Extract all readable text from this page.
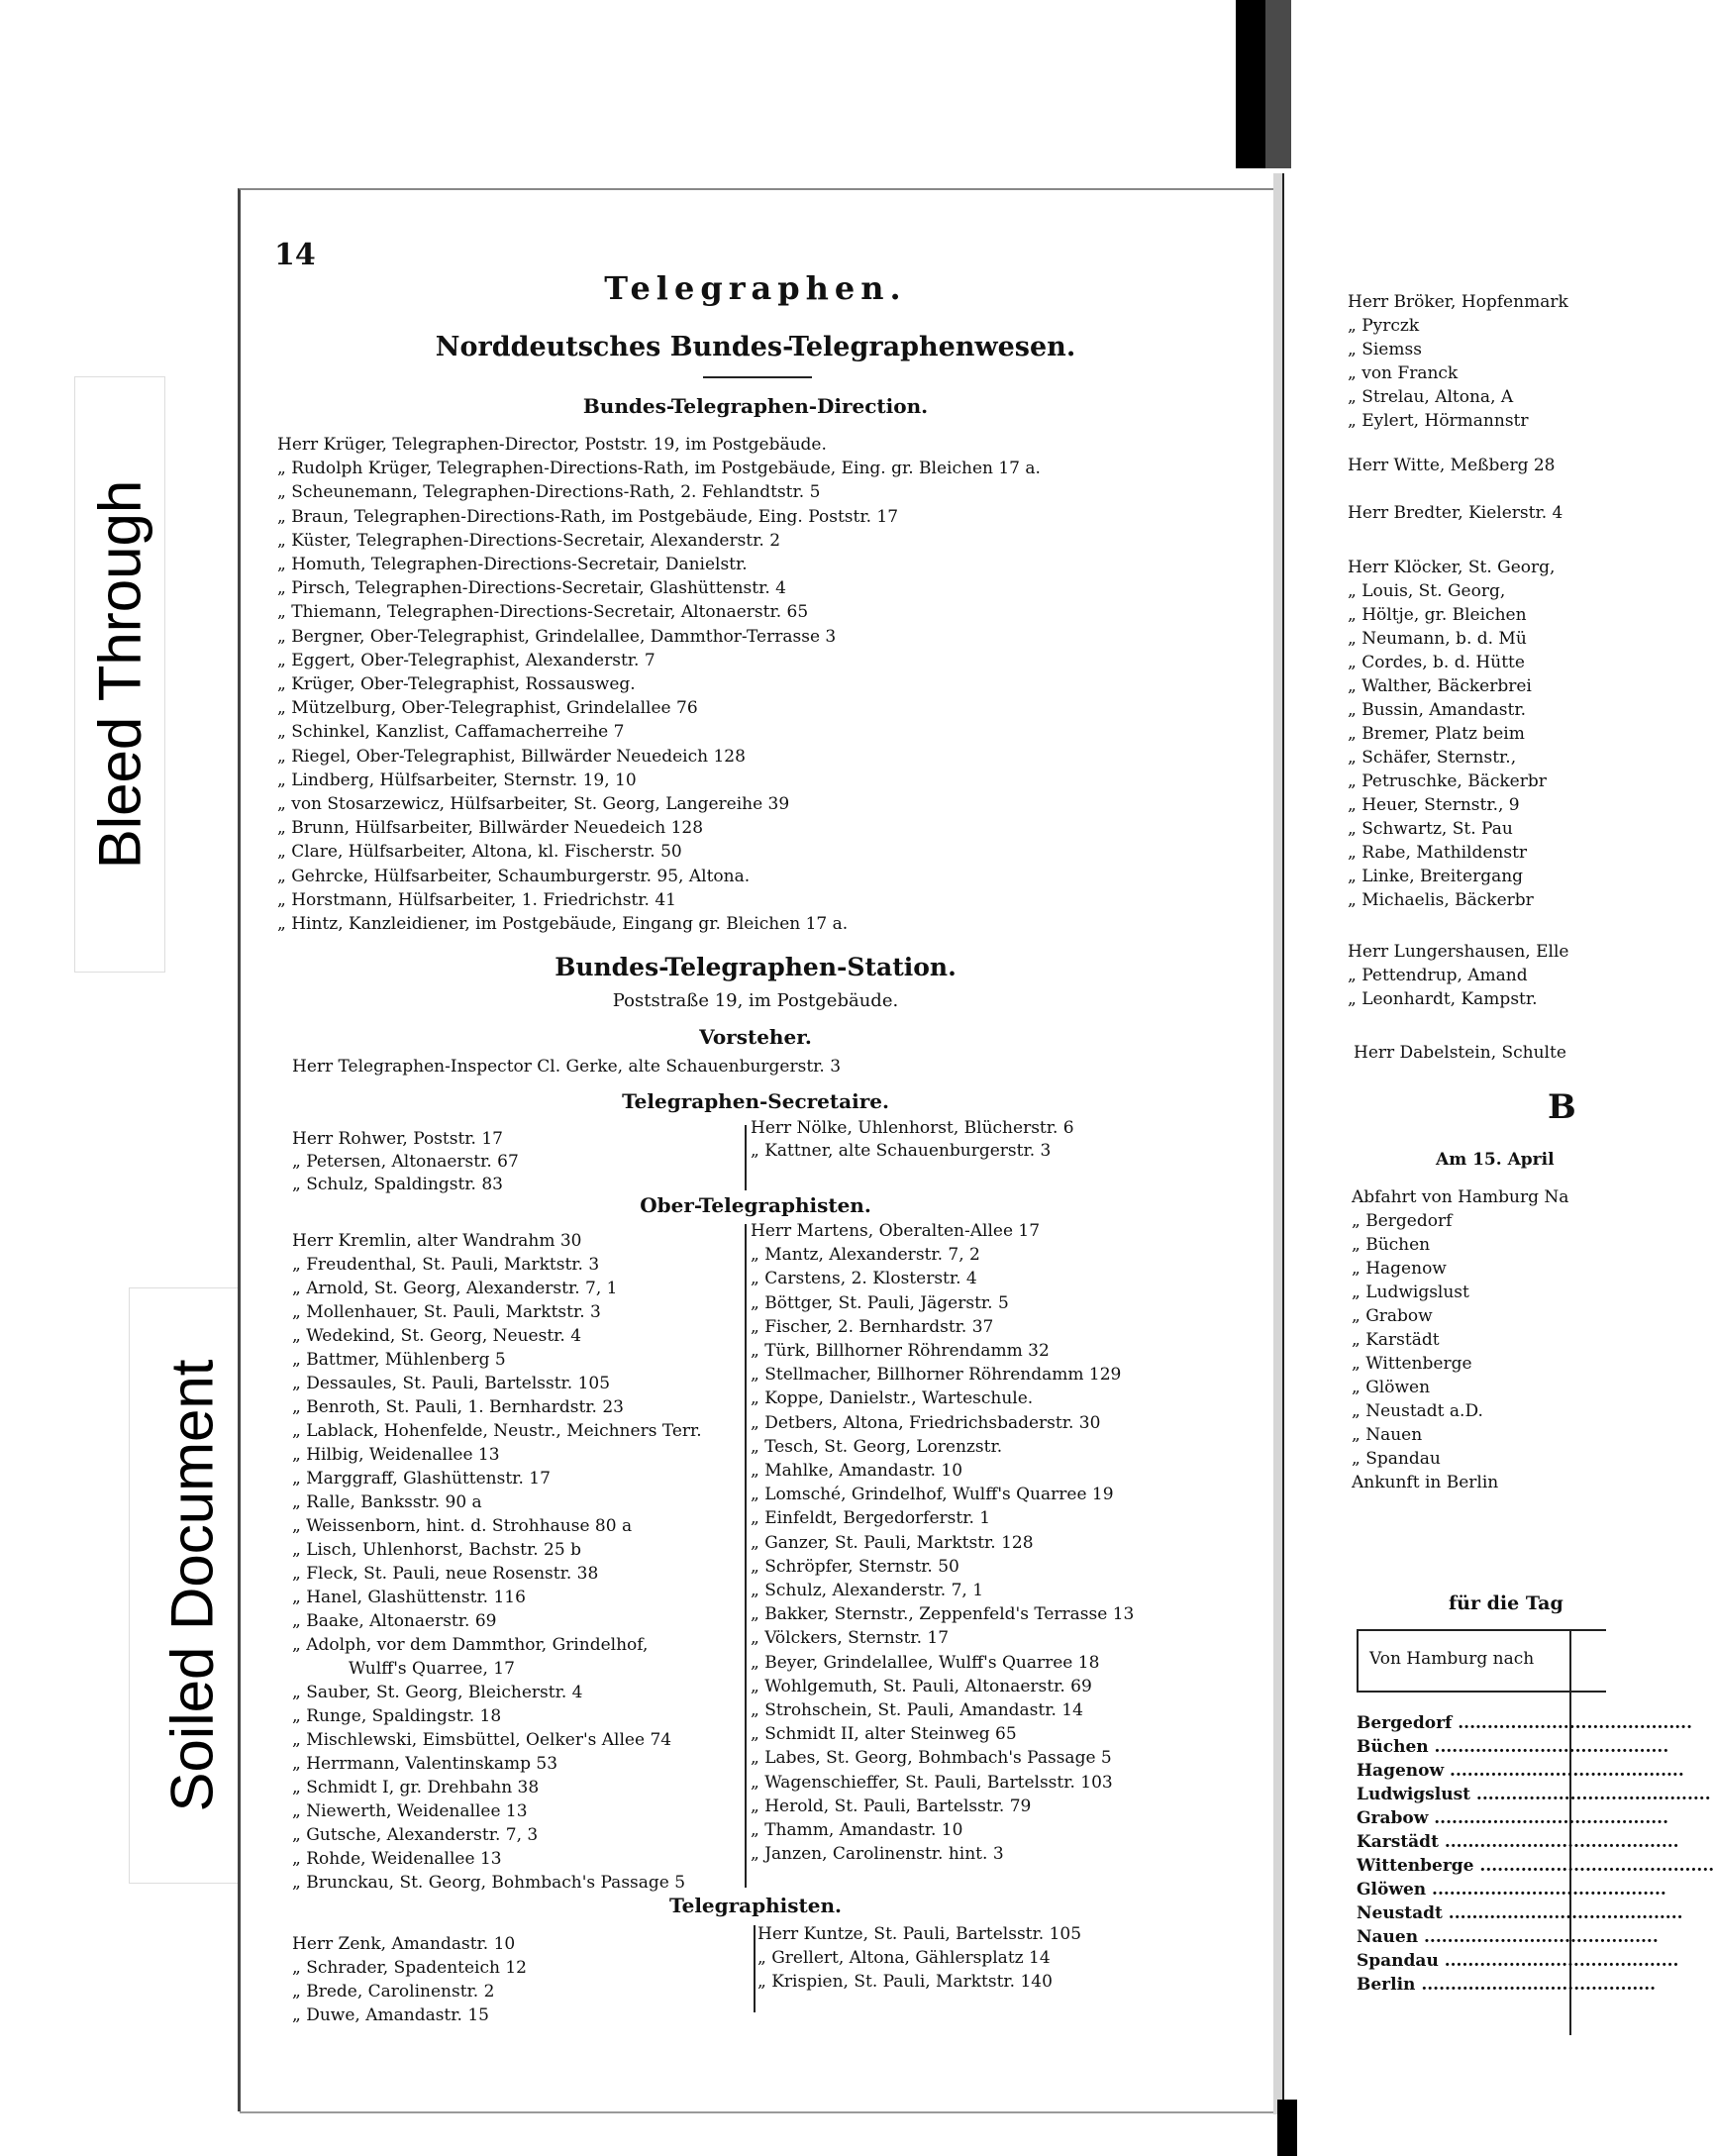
Bleed Through
Soiled Document
14
Telegraphen.
Norddeutsches Bundes-Telegraphenwesen.
Bundes-Telegraphen-Direction.
Herr Krüger, Telegraphen-Director, Poststr. 19, im Postgebäude.
„ Rudolph Krüger, Telegraphen-Directions-Rath, im Postgebäude, Eing. gr. Bleichen 17 a.
„ Scheunemann, Telegraphen-Directions-Rath, 2. Fehlandtstr. 5
„ Braun, Telegraphen-Directions-Rath, im Postgebäude, Eing. Poststr. 17
„ Küster, Telegraphen-Directions-Secretair, Alexanderstr. 2
„ Homuth, Telegraphen-Directions-Secretair, Danielstr.
„ Pirsch, Telegraphen-Directions-Secretair, Glashüttenstr. 4
„ Thiemann, Telegraphen-Directions-Secretair, Altonaerstr. 65
„ Bergner, Ober-Telegraphist, Grindelallee, Dammthor-Terrasse 3
„ Eggert, Ober-Telegraphist, Alexanderstr. 7
„ Krüger, Ober-Telegraphist, Rossausweg.
„ Mützelburg, Ober-Telegraphist, Grindelallee 76
„ Schinkel, Kanzlist, Caffamacherreihe 7
„ Riegel, Ober-Telegraphist, Billwärder Neuedeich 128
„ Lindberg, Hülfsarbeiter, Sternstr. 19, 10
„ von Stosarzewicz, Hülfsarbeiter, St. Georg, Langereihe 39
„ Brunn, Hülfsarbeiter, Billwärder Neuedeich 128
„ Clare, Hülfsarbeiter, Altona, kl. Fischerstr. 50
„ Gehrcke, Hülfsarbeiter, Schaumburgerstr. 95, Altona.
„ Horstmann, Hülfsarbeiter, 1. Friedrichstr. 41
„ Hintz, Kanzleidiener, im Postgebäude, Eingang gr. Bleichen 17 a.
Bundes-Telegraphen-Station.
Poststraße 19, im Postgebäude.
Vorsteher.
Herr Telegraphen-Inspector Cl. Gerke, alte Schauenburgerstr. 3
Telegraphen-Secretaire.
Herr Rohwer, Poststr. 17
„ Petersen, Altonaerstr. 67
„ Schulz, Spaldingstr. 83
Herr Nölke, Uhlenhorst, Blücherstr. 6
„ Kattner, alte Schauenburgerstr. 3
Ober-Telegraphisten.
Herr Kremlin, alter Wandrahm 30
„ Freudenthal, St. Pauli, Marktstr. 3
„ Arnold, St. Georg, Alexanderstr. 7, 1
„ Mollenhauer, St. Pauli, Marktstr. 3
„ Wedekind, St. Georg, Neuestr. 4
„ Battmer, Mühlenberg 5
„ Dessaules, St. Pauli, Bartelsstr. 105
„ Benroth, St. Pauli, 1. Bernhardstr. 23
„ Lablack, Hohenfelde, Neustr., Meichners Terr.
„ Hilbig, Weidenallee 13
„ Marggraff, Glashüttenstr. 17
„ Ralle, Banksstr. 90 a
„ Weissenborn, hint. d. Strohhause 80 a
„ Lisch, Uhlenhorst, Bachstr. 25 b
„ Fleck, St. Pauli, neue Rosenstr. 38
„ Hanel, Glashüttenstr. 116
„ Baake, Altonaerstr. 69
„ Adolph, vor dem Dammthor, Grindelhof,
Wulff's Quarree, 17
„ Sauber, St. Georg, Bleicherstr. 4
„ Runge, Spaldingstr. 18
„ Mischlewski, Eimsbüttel, Oelker's Allee 74
„ Herrmann, Valentinskamp 53
„ Schmidt I, gr. Drehbahn 38
„ Niewerth, Weidenallee 13
„ Gutsche, Alexanderstr. 7, 3
„ Rohde, Weidenallee 13
„ Brunckau, St. Georg, Bohmbach's Passage 5
Herr Martens, Oberalten-Allee 17
„ Mantz, Alexanderstr. 7, 2
„ Carstens, 2. Klosterstr. 4
„ Böttger, St. Pauli, Jägerstr. 5
„ Fischer, 2. Bernhardstr. 37
„ Türk, Billhorner Röhrendamm 32
„ Stellmacher, Billhorner Röhrendamm 129
„ Koppe, Danielstr., Warteschule.
„ Detbers, Altona, Friedrichsbaderstr. 30
„ Tesch, St. Georg, Lorenzstr.
„ Mahlke, Amandastr. 10
„ Lomsché, Grindelhof, Wulff's Quarree 19
„ Einfeldt, Bergedorferstr. 1
„ Ganzer, St. Pauli, Marktstr. 128
„ Schröpfer, Sternstr. 50
„ Schulz, Alexanderstr. 7, 1
„ Bakker, Sternstr., Zeppenfeld's Terrasse 13
„ Völckers, Sternstr. 17
„ Beyer, Grindelallee, Wulff's Quarree 18
„ Wohlgemuth, St. Pauli, Altonaerstr. 69
„ Strohschein, St. Pauli, Amandastr. 14
„ Schmidt II, alter Steinweg 65
„ Labes, St. Georg, Bohmbach's Passage 5
„ Wagenschieffer, St. Pauli, Bartelsstr. 103
„ Herold, St. Pauli, Bartelsstr. 79
„ Thamm, Amandastr. 10
„ Janzen, Carolinenstr. hint. 3
Telegraphisten.
Herr Zenk, Amandastr. 10
„ Schrader, Spadenteich 12
„ Brede, Carolinenstr. 2
„ Duwe, Amandastr. 15
Herr Kuntze, St. Pauli, Bartelsstr. 105
„ Grellert, Altona, Gählersplatz 14
„ Krispien, St. Pauli, Marktstr. 140
Herr Bröker, Hopfenmark
„ Pyrczk
„ Siemss
„ von Franck
„ Strelau, Altona, A
„ Eylert, Hörmannstr
Herr Witte, Meßberg 28
Herr Bredter, Kielerstr. 4
Herr Klöcker, St. Georg,
„ Louis, St. Georg,
„ Höltje, gr. Bleichen
„ Neumann, b. d. Mü
„ Cordes, b. d. Hütte
„ Walther, Bäckerbrei
„ Bussin, Amandastr.
„ Bremer, Platz beim
„ Schäfer, Sternstr.,
„ Petruschke, Bäckerbr
„ Heuer, Sternstr., 9
„ Schwartz, St. Pau
„ Rabe, Mathildenstr
„ Linke, Breitergang
„ Michaelis, Bäckerbr
Herr Lungershausen, Elle
„ Pettendrup, Amand
„ Leonhardt, Kampstr.
Herr Dabelstein, Schulte
B
Am 15. April
Abfahrt von Hamburg Na
„ Bergedorf
„ Büchen
„ Hagenow
„ Ludwigslust
„ Grabow
„ Karstädt
„ Wittenberge
„ Glöwen
„ Neustadt a.D.
„ Nauen
„ Spandau
Ankunft in Berlin
für die Tag
Von Hamburg nach
Bergedorf ........................................
Büchen ........................................
Hagenow ........................................
Ludwigslust ........................................
Grabow ........................................
Karstädt ........................................
Wittenberge ........................................
Glöwen ........................................
Neustadt ........................................
Nauen ........................................
Spandau ........................................
Berlin ........................................
